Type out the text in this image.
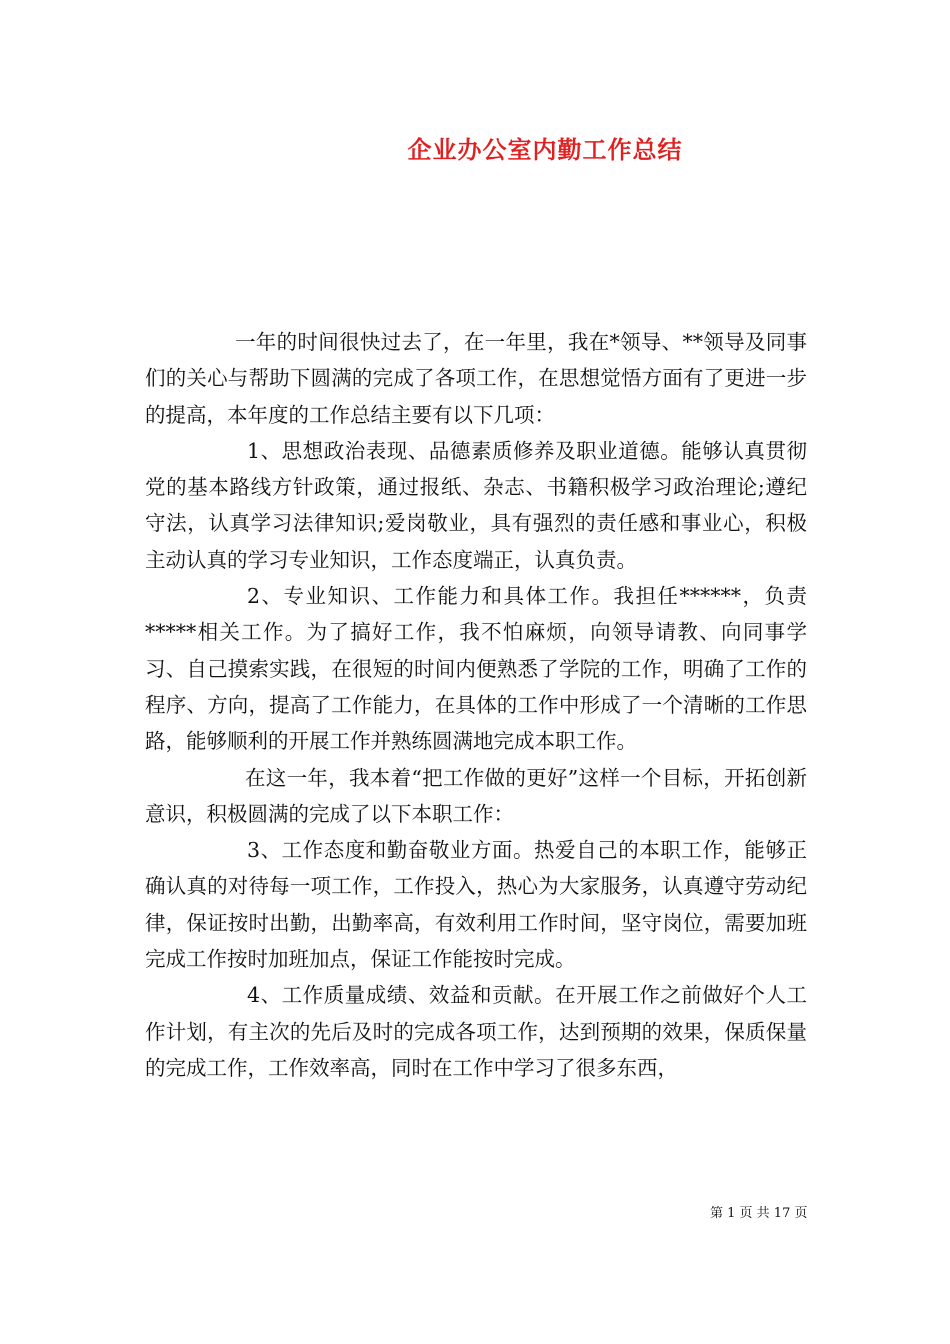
企业办公室内勤工作总结

一年的时间很快过去了，在一年里，我在*领导、**领导及同事们的关心与帮助下圆满的完成了各项工作，在思想觉悟方面有了更进一步的提高，本年度的工作总结主要有以下几项：

1、思想政治表现、品德素质修养及职业道德。能够认真贯彻党的基本路线方针政策，通过报纸、杂志、书籍积极学习政治理论;遵纪守法，认真学习法律知识;爱岗敬业，具有强烈的责任感和事业心，积极主动认真的学习专业知识，工作态度端正，认真负责。

2、专业知识、工作能力和具体工作。我担任******，负责*****相关工作。为了搞好工作，我不怕麻烦，向领导请教、向同事学习、自己摸索实践，在很短的时间内便熟悉了学院的工作，明确了工作的程序、方向，提高了工作能力，在具体的工作中形成了一个清晰的工作思路，能够顺利的开展工作并熟练圆满地完成本职工作。

在这一年，我本着“把工作做的更好”这样一个目标，开拓创新意识，积极圆满的完成了以下本职工作：

3、工作态度和勤奋敬业方面。热爱自己的本职工作，能够正确认真的对待每一项工作，工作投入，热心为大家服务，认真遵守劳动纪律，保证按时出勤，出勤率高，有效利用工作时间，坚守岗位，需要加班完成工作按时加班加点，保证工作能按时完成。

4、工作质量成绩、效益和贡献。在开展工作之前做好个人工作计划，有主次的先后及时的完成各项工作，达到预期的效果，保质保量的完成工作，工作效率高，同时在工作中学习了很多东西，

第 1 页 共 17 页
